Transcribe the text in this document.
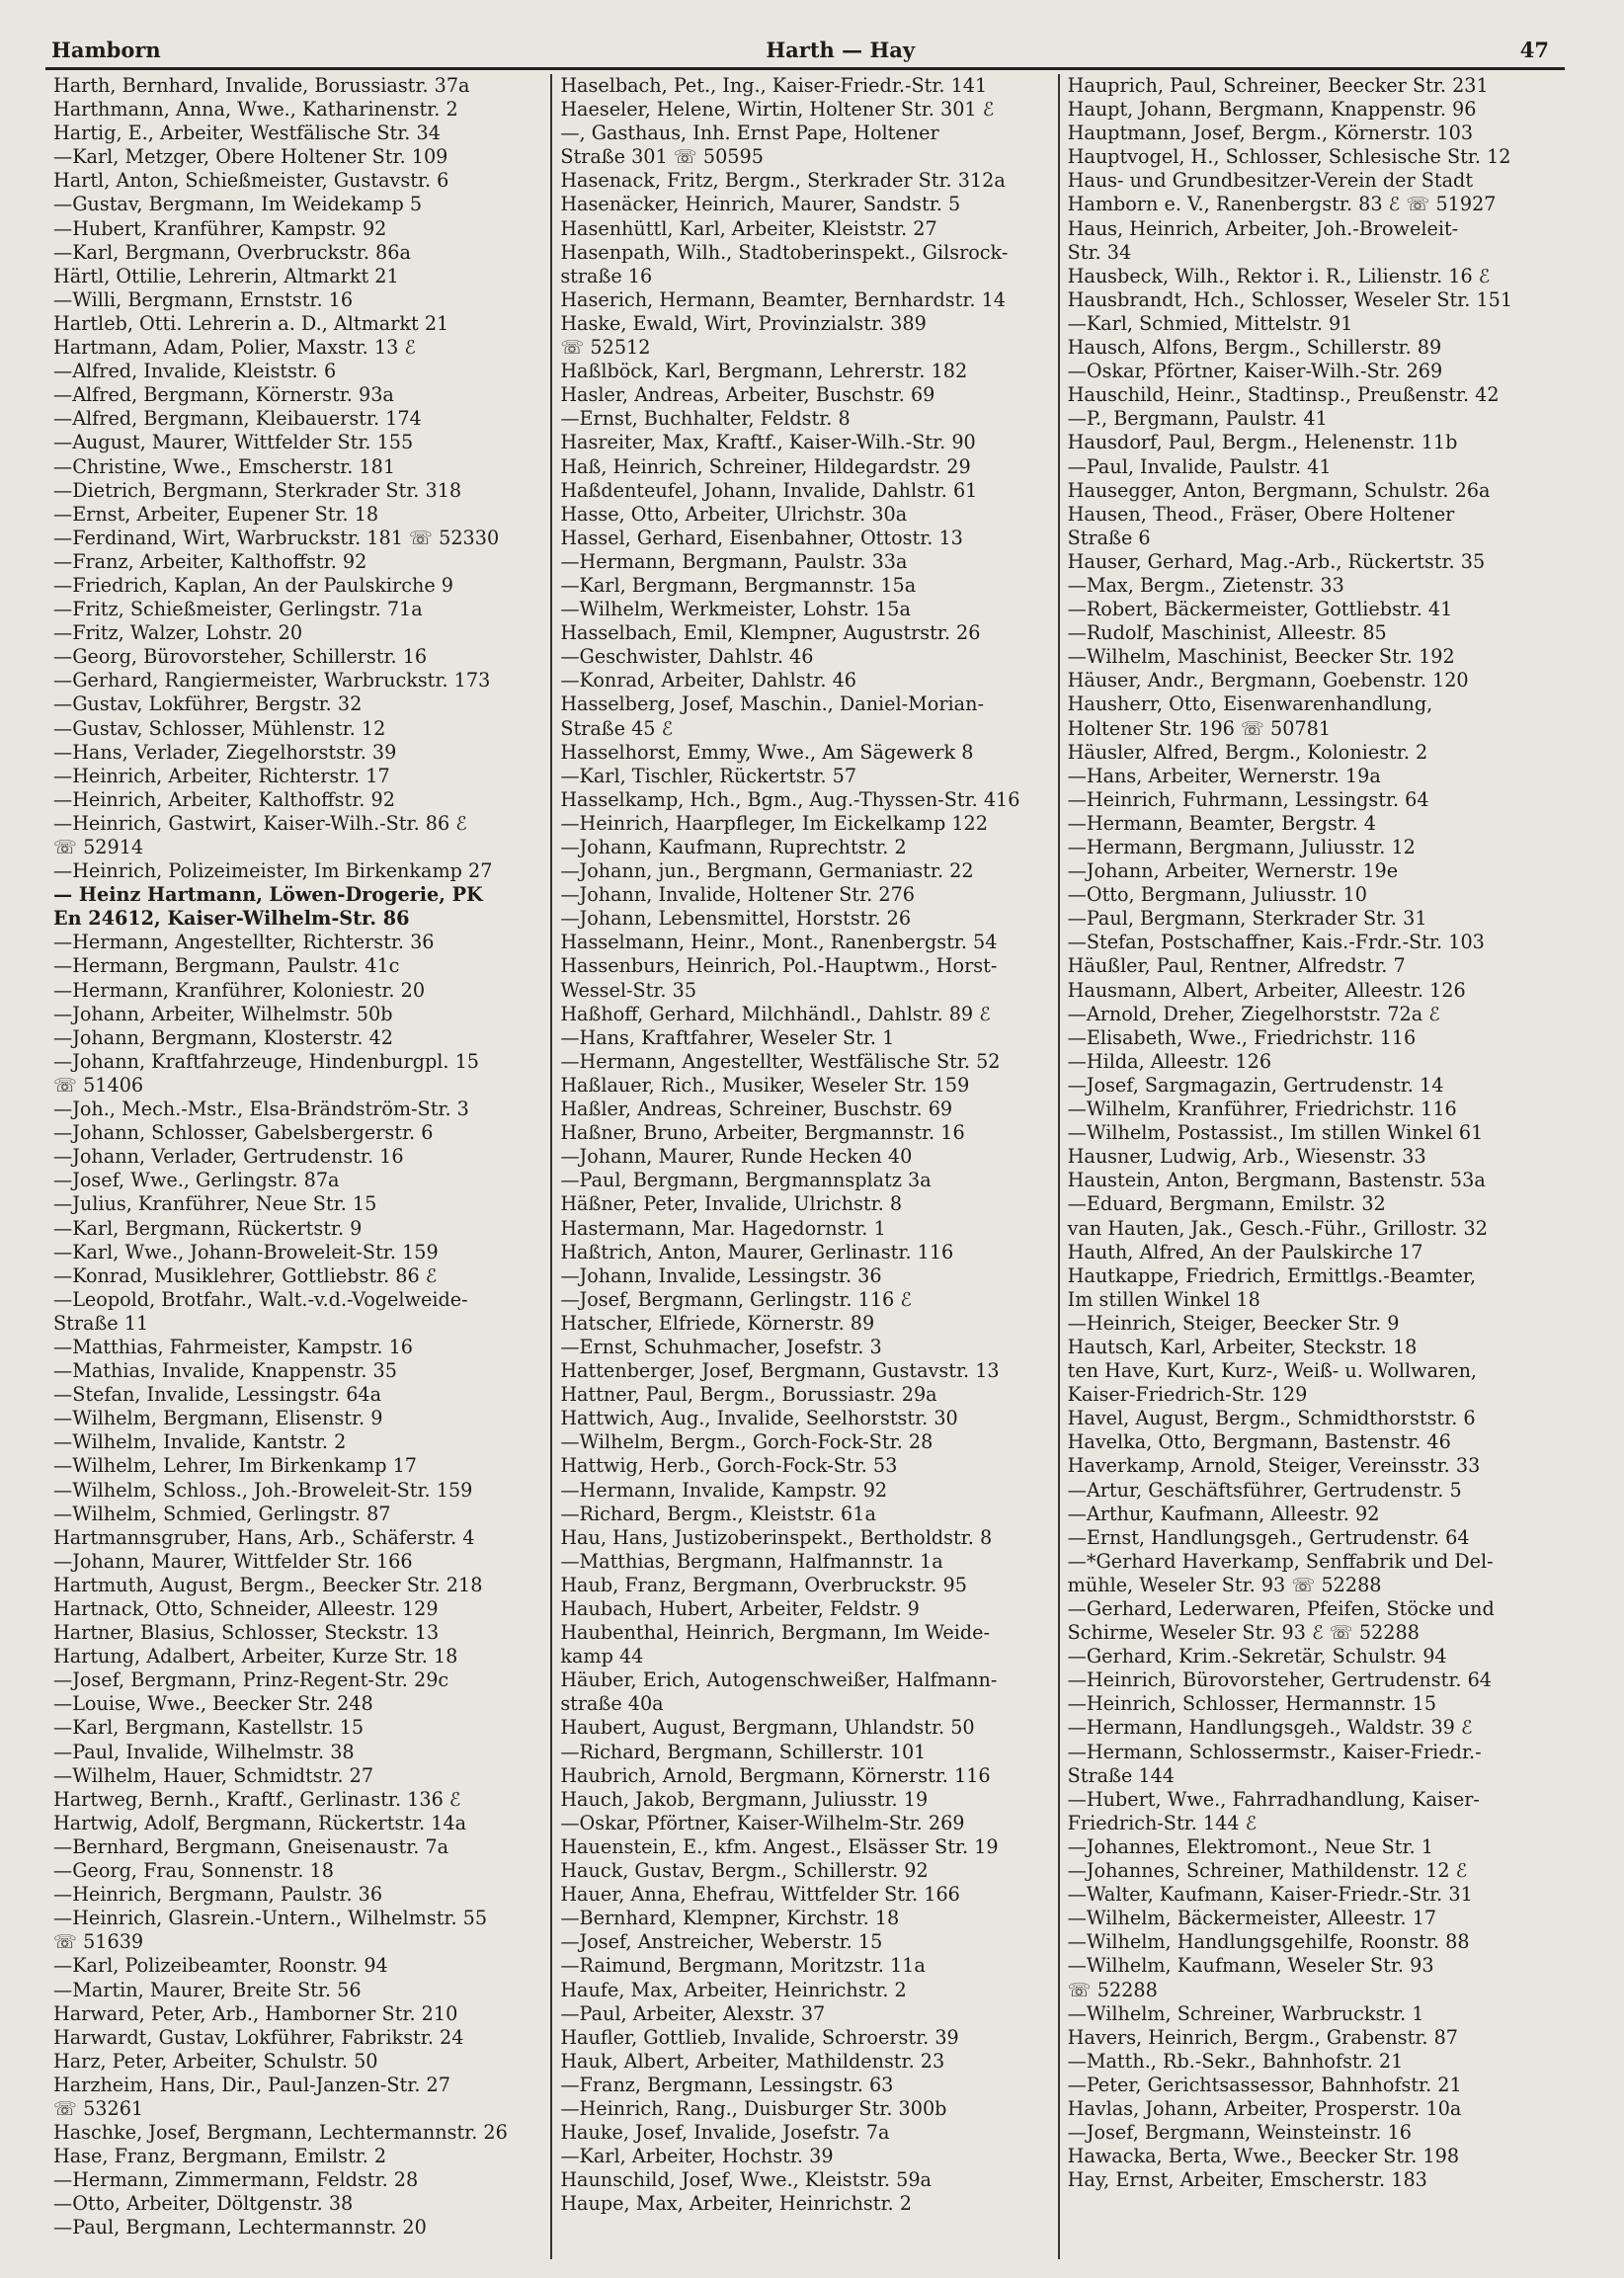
Hamborn	Harth — Hay	47
Harth, Bernhard, Invalide, Borussiastr. 37a
Harthmann, Anna, Wwe., Katharinenstr. 2
Hartig, E., Arbeiter, Westfälische Str. 34
—Karl, Metzger, Obere Holtener Str. 109
Hartl, Anton, Schießmeister, Gustavstr. 6
—Gustav, Bergmann, Im Weidekamp 5
—Hubert, Kranführer, Kampstr. 92
—Karl, Bergmann, Overbruckstr. 86a
Härtl, Ottilie, Lehrerin, Altmarkt 21
—Willi, Bergmann, Ernststr. 16
Hartleb, Otti. Lehrerin a. D., Altmarkt 21
Hartmann, Adam, Polier, Maxstr. 13 ℰ
—Alfred, Invalide, Kleiststr. 6
—Alfred, Bergmann, Körnerstr. 93a
—Alfred, Bergmann, Kleibauerstr. 174
—August, Maurer, Wittfelder Str. 155
—Christine, Wwe., Emscherstr. 181
—Dietrich, Bergmann, Sterkrader Str. 318
—Ernst, Arbeiter, Eupener Str. 18
—Ferdinand, Wirt, Warbruckstr. 181 ☏ 52330
—Franz, Arbeiter, Kalthoffstr. 92
—Friedrich, Kaplan, An der Paulskirche 9
—Fritz, Schießmeister, Gerlingstr. 71a
—Fritz, Walzer, Lohstr. 20
—Georg, Bürovorsteher, Schillerstr. 16
—Gerhard, Rangiermeister, Warbruckstr. 173
—Gustav, Lokführer, Bergstr. 32
—Gustav, Schlosser, Mühlenstr. 12
—Hans, Verlader, Ziegelhorststr. 39
—Heinrich, Arbeiter, Richterstr. 17
—Heinrich, Arbeiter, Kalthoffstr. 92
—Heinrich, Gastwirt, Kaiser-Wilh.-Str. 86 ℰ
☏ 52914
—Heinrich, Polizeimeister, Im Birkenkamp 27
— Heinz Hartmann, Löwen-Drogerie, PK
En 24612, Kaiser-Wilhelm-Str. 86
—Hermann, Angestellter, Richterstr. 36
—Hermann, Bergmann, Paulstr. 41c
—Hermann, Kranführer, Koloniestr. 20
—Johann, Arbeiter, Wilhelmstr. 50b
—Johann, Bergmann, Klosterstr. 42
—Johann, Kraftfahrzeuge, Hindenburgpl. 15
☏ 51406
—Joh., Mech.-Mstr., Elsa-Brändström-Str. 3
—Johann, Schlosser, Gabelsbergerstr. 6
—Johann, Verlader, Gertrudenstr. 16
—Josef, Wwe., Gerlingstr. 87a
—Julius, Kranführer, Neue Str. 15
—Karl, Bergmann, Rückertstr. 9
—Karl, Wwe., Johann-Broweleit-Str. 159
—Konrad, Musiklehrer, Gottliebstr. 86 ℰ
—Leopold, Brotfahr., Walt.-v.d.-Vogelweide-
Straße 11
—Matthias, Fahrmeister, Kampstr. 16
—Mathias, Invalide, Knappenstr. 35
—Stefan, Invalide, Lessingstr. 64a
—Wilhelm, Bergmann, Elisenstr. 9
—Wilhelm, Invalide, Kantstr. 2
—Wilhelm, Lehrer, Im Birkenkamp 17
—Wilhelm, Schloss., Joh.-Broweleit-Str. 159
—Wilhelm, Schmied, Gerlingstr. 87
Hartmannsgruber, Hans, Arb., Schäferstr. 4
—Johann, Maurer, Wittfelder Str. 166
Hartmuth, August, Bergm., Beecker Str. 218
Hartnack, Otto, Schneider, Alleestr. 129
Hartner, Blasius, Schlosser, Steckstr. 13
Hartung, Adalbert, Arbeiter, Kurze Str. 18
—Josef, Bergmann, Prinz-Regent-Str. 29c
—Louise, Wwe., Beecker Str. 248
—Karl, Bergmann, Kastellstr. 15
—Paul, Invalide, Wilhelmstr. 38
—Wilhelm, Hauer, Schmidtstr. 27
Hartweg, Bernh., Kraftf., Gerlinastr. 136 ℰ
Hartwig, Adolf, Bergmann, Rückertstr. 14a
—Bernhard, Bergmann, Gneisenaustr. 7a
—Georg, Frau, Sonnenstr. 18
—Heinrich, Bergmann, Paulstr. 36
—Heinrich, Glasrein.-Untern., Wilhelmstr. 55
☏ 51639
—Karl, Polizeibeamter, Roonstr. 94
—Martin, Maurer, Breite Str. 56
Harward, Peter, Arb., Hamborner Str. 210
Harwardt, Gustav, Lokführer, Fabrikstr. 24
Harz, Peter, Arbeiter, Schulstr. 50
Harzheim, Hans, Dir., Paul-Janzen-Str. 27
☏ 53261
Haschke, Josef, Bergmann, Lechtermannstr. 26
Hase, Franz, Bergmann, Emilstr. 2
—Hermann, Zimmermann, Feldstr. 28
—Otto, Arbeiter, Döltgenstr. 38
—Paul, Bergmann, Lechtermannstr. 20
Haselbach, Pet., Ing., Kaiser-Friedr.-Str. 141
Haeseler, Helene, Wirtin, Holtener Str. 301 ℰ
—, Gasthaus, Inh. Ernst Pape, Holtener
Straße 301 ☏ 50595
Hasenack, Fritz, Bergm., Sterkrader Str. 312a
Hasenäcker, Heinrich, Maurer, Sandstr. 5
Hasenhüttl, Karl, Arbeiter, Kleiststr. 27
Hasenpath, Wilh., Stadtoberinspekt., Gilsrock-
straße 16
Haserich, Hermann, Beamter, Bernhardstr. 14
Haske, Ewald, Wirt, Provinzialstr. 389
☏ 52512
Haßlböck, Karl, Bergmann, Lehrerstr. 182
Hasler, Andreas, Arbeiter, Buschstr. 69
—Ernst, Buchhalter, Feldstr. 8
Hasreiter, Max, Kraftf., Kaiser-Wilh.-Str. 90
Haß, Heinrich, Schreiner, Hildegardstr. 29
Haßdenteufel, Johann, Invalide, Dahlstr. 61
Hasse, Otto, Arbeiter, Ulrichstr. 30a
Hassel, Gerhard, Eisenbahner, Ottostr. 13
—Hermann, Bergmann, Paulstr. 33a
—Karl, Bergmann, Bergmannstr. 15a
—Wilhelm, Werkmeister, Lohstr. 15a
Hasselbach, Emil, Klempner, Augustrstr. 26
—Geschwister, Dahlstr. 46
—Konrad, Arbeiter, Dahlstr. 46
Hasselberg, Josef, Maschin., Daniel-Morian-
Straße 45 ℰ
Hasselhorst, Emmy, Wwe., Am Sägewerk 8
—Karl, Tischler, Rückertstr. 57
Hasselkamp, Hch., Bgm., Aug.-Thyssen-Str. 416
—Heinrich, Haarpfleger, Im Eickelkamp 122
—Johann, Kaufmann, Ruprechtstr. 2
—Johann, jun., Bergmann, Germaniastr. 22
—Johann, Invalide, Holtener Str. 276
—Johann, Lebensmittel, Horststr. 26
Hasselmann, Heinr., Mont., Ranenbergstr. 54
Hassenburs, Heinrich, Pol.-Hauptwm., Horst-
Wessel-Str. 35
Haßhoff, Gerhard, Milchhändl., Dahlstr. 89 ℰ
—Hans, Kraftfahrer, Weseler Str. 1
—Hermann, Angestellter, Westfälische Str. 52
Haßlauer, Rich., Musiker, Weseler Str. 159
Haßler, Andreas, Schreiner, Buschstr. 69
Haßner, Bruno, Arbeiter, Bergmannstr. 16
—Johann, Maurer, Runde Hecken 40
—Paul, Bergmann, Bergmannsplatz 3a
Häßner, Peter, Invalide, Ulrichstr. 8
Hastermann, Mar. Hagedornstr. 1
Haßtrich, Anton, Maurer, Gerlinastr. 116
—Johann, Invalide, Lessingstr. 36
—Josef, Bergmann, Gerlingstr. 116 ℰ
Hatscher, Elfriede, Körnerstr. 89
—Ernst, Schuhmacher, Josefstr. 3
Hattenberger, Josef, Bergmann, Gustavstr. 13
Hattner, Paul, Bergm., Borussiastr. 29a
Hattwich, Aug., Invalide, Seelhorststr. 30
—Wilhelm, Bergm., Gorch-Fock-Str. 28
Hattwig, Herb., Gorch-Fock-Str. 53
—Hermann, Invalide, Kampstr. 92
—Richard, Bergm., Kleiststr. 61a
Hau, Hans, Justizoberinspekt., Bertholdstr. 8
—Matthias, Bergmann, Halfmannstr. 1a
Haub, Franz, Bergmann, Overbruckstr. 95
Haubach, Hubert, Arbeiter, Feldstr. 9
Haubenthal, Heinrich, Bergmann, Im Weide-
kamp 44
Häuber, Erich, Autogenschweißer, Halfmann-
straße 40a
Haubert, August, Bergmann, Uhlandstr. 50
—Richard, Bergmann, Schillerstr. 101
Haubrich, Arnold, Bergmann, Körnerstr. 116
Hauch, Jakob, Bergmann, Juliusstr. 19
—Oskar, Pförtner, Kaiser-Wilhelm-Str. 269
Hauenstein, E., kfm. Angest., Elsässer Str. 19
Hauck, Gustav, Bergm., Schillerstr. 92
Hauer, Anna, Ehefrau, Wittfelder Str. 166
—Bernhard, Klempner, Kirchstr. 18
—Josef, Anstreicher, Weberstr. 15
—Raimund, Bergmann, Moritzstr. 11a
Haufe, Max, Arbeiter, Heinrichstr. 2
—Paul, Arbeiter, Alexstr. 37
Haufler, Gottlieb, Invalide, Schroerstr. 39
Hauk, Albert, Arbeiter, Mathildenstr. 23
—Franz, Bergmann, Lessingstr. 63
—Heinrich, Rang., Duisburger Str. 300b
Hauke, Josef, Invalide, Josefstr. 7a
—Karl, Arbeiter, Hochstr. 39
Haunschild, Josef, Wwe., Kleiststr. 59a
Haupe, Max, Arbeiter, Heinrichstr. 2
Hauprich, Paul, Schreiner, Beecker Str. 231
Haupt, Johann, Bergmann, Knappenstr. 96
Hauptmann, Josef, Bergm., Körnerstr. 103
Hauptvogel, H., Schlosser, Schlesische Str. 12
Haus- und Grundbesitzer-Verein der Stadt
Hamborn e. V., Ranenbergstr. 83 ℰ ☏ 51927
Haus, Heinrich, Arbeiter, Joh.-Broweleit-
Str. 34
Hausbeck, Wilh., Rektor i. R., Lilienstr. 16 ℰ
Hausbrandt, Hch., Schlosser, Weseler Str. 151
—Karl, Schmied, Mittelstr. 91
Hausch, Alfons, Bergm., Schillerstr. 89
—Oskar, Pförtner, Kaiser-Wilh.-Str. 269
Hauschild, Heinr., Stadtinsp., Preußenstr. 42
—P., Bergmann, Paulstr. 41
Hausdorf, Paul, Bergm., Helenenstr. 11b
—Paul, Invalide, Paulstr. 41
Hausegger, Anton, Bergmann, Schulstr. 26a
Hausen, Theod., Fräser, Obere Holtener
Straße 6
Hauser, Gerhard, Mag.-Arb., Rückertstr. 35
—Max, Bergm., Zietenstr. 33
—Robert, Bäckermeister, Gottliebstr. 41
—Rudolf, Maschinist, Alleestr. 85
—Wilhelm, Maschinist, Beecker Str. 192
Häuser, Andr., Bergmann, Goebenstr. 120
Hausherr, Otto, Eisenwarenhandlung,
Holtener Str. 196 ☏ 50781
Häusler, Alfred, Bergm., Koloniestr. 2
—Hans, Arbeiter, Wernerstr. 19a
—Heinrich, Fuhrmann, Lessingstr. 64
—Hermann, Beamter, Bergstr. 4
—Hermann, Bergmann, Juliusstr. 12
—Johann, Arbeiter, Wernerstr. 19e
—Otto, Bergmann, Juliusstr. 10
—Paul, Bergmann, Sterkrader Str. 31
—Stefan, Postschaffner, Kais.-Frdr.-Str. 103
Häußler, Paul, Rentner, Alfredstr. 7
Hausmann, Albert, Arbeiter, Alleestr. 126
—Arnold, Dreher, Ziegelhorststr. 72a ℰ
—Elisabeth, Wwe., Friedrichstr. 116
—Hilda, Alleestr. 126
—Josef, Sargmagazin, Gertrudenstr. 14
—Wilhelm, Kranführer, Friedrichstr. 116
—Wilhelm, Postassist., Im stillen Winkel 61
Hausner, Ludwig, Arb., Wiesenstr. 33
Haustein, Anton, Bergmann, Bastenstr. 53a
—Eduard, Bergmann, Emilstr. 32
van Hauten, Jak., Gesch.-Führ., Grillostr. 32
Hauth, Alfred, An der Paulskirche 17
Hautkappe, Friedrich, Ermittlgs.-Beamter,
Im stillen Winkel 18
—Heinrich, Steiger, Beecker Str. 9
Hautsch, Karl, Arbeiter, Steckstr. 18
ten Have, Kurt, Kurz-, Weiß- u. Wollwaren,
Kaiser-Friedrich-Str. 129
Havel, August, Bergm., Schmidthorststr. 6
Havelka, Otto, Bergmann, Bastenstr. 46
Haverkamp, Arnold, Steiger, Vereinsstr. 33
—Artur, Geschäftsführer, Gertrudenstr. 5
—Arthur, Kaufmann, Alleestr. 92
—Ernst, Handlungsgeh., Gertrudenstr. 64
—*Gerhard Haverkamp, Senffabrik und Del-
mühle, Weseler Str. 93 ☏ 52288
—Gerhard, Lederwaren, Pfeifen, Stöcke und
Schirme, Weseler Str. 93 ℰ ☏ 52288
—Gerhard, Krim.-Sekretär, Schulstr. 94
—Heinrich, Bürovorsteher, Gertrudenstr. 64
—Heinrich, Schlosser, Hermannstr. 15
—Hermann, Handlungsgeh., Waldstr. 39 ℰ
—Hermann, Schlossermstr., Kaiser-Friedr.-
Straße 144
—Hubert, Wwe., Fahrradhandlung, Kaiser-
Friedrich-Str. 144 ℰ
—Johannes, Elektromont., Neue Str. 1
—Johannes, Schreiner, Mathildenstr. 12 ℰ
—Walter, Kaufmann, Kaiser-Friedr.-Str. 31
—Wilhelm, Bäckermeister, Alleestr. 17
—Wilhelm, Handlungsgehilfe, Roonstr. 88
—Wilhelm, Kaufmann, Weseler Str. 93
☏ 52288
—Wilhelm, Schreiner, Warbruckstr. 1
Havers, Heinrich, Bergm., Grabenstr. 87
—Matth., Rb.-Sekr., Bahnhofstr. 21
—Peter, Gerichtsassessor, Bahnhofstr. 21
Havlas, Johann, Arbeiter, Prosperstr. 10a
—Josef, Bergmann, Weinsteinstr. 16
Hawacka, Berta, Wwe., Beecker Str. 198
Hay, Ernst, Arbeiter, Emscherstr. 183
